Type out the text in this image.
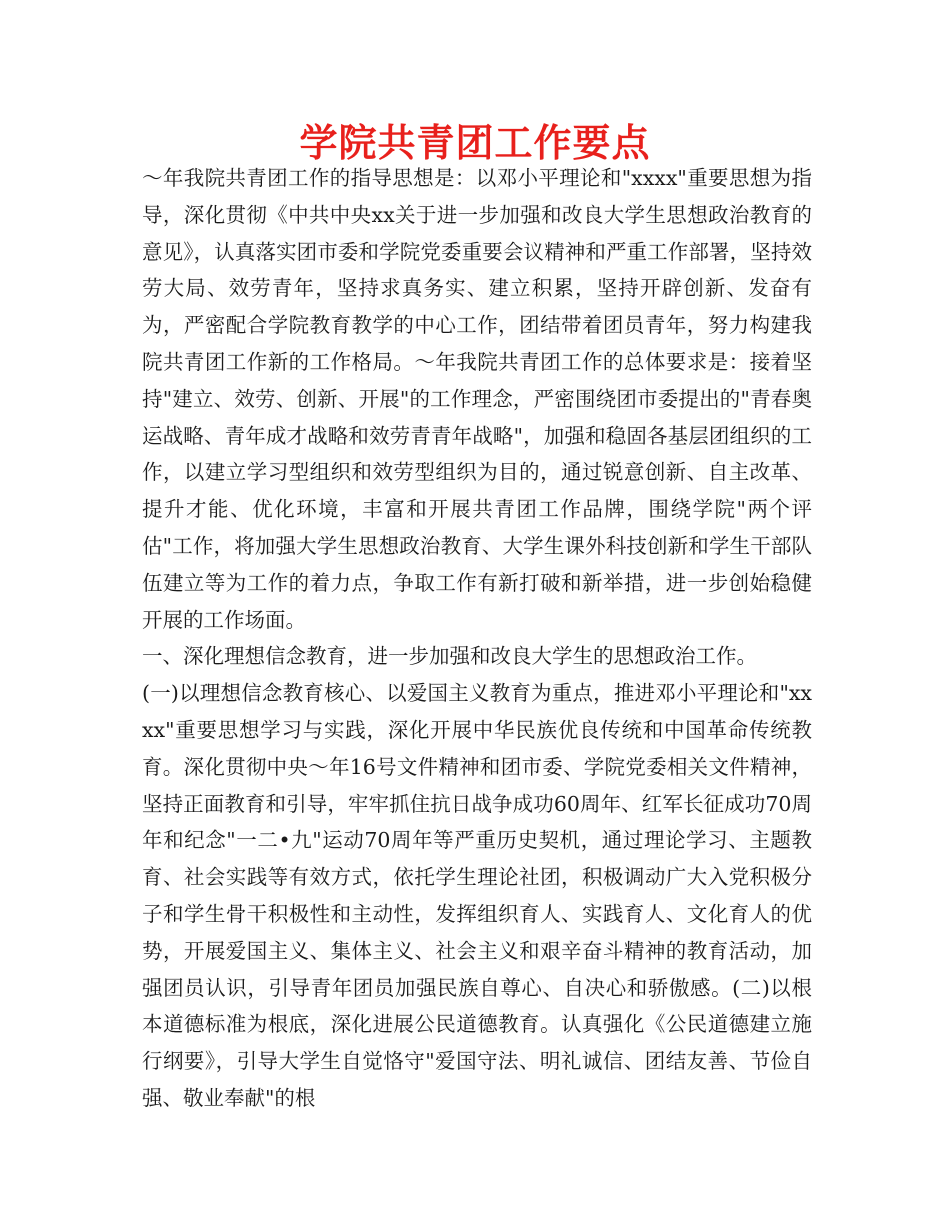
学院共青团工作要点

～年我院共青团工作的指导思想是：以邓小平理论和"xxxx"重要思想为指导，深化贯彻《中共中央xx关于进一步加强和改良大学生思想政治教育的意见》，认真落实团市委和学院党委重要会议精神和严重工作部署，坚持效劳大局、效劳青年，坚持求真务实、建立积累，坚持开辟创新、发奋有为，严密配合学院教育教学的中心工作，团结带着团员青年，努力构建我院共青团工作新的工作格局。～年我院共青团工作的总体要求是：接着坚持"建立、效劳、创新、开展"的工作理念，严密围绕团市委提出的"青春奥运战略、青年成才战略和效劳青青年战略"，加强和稳固各基层团组织的工作，以建立学习型组织和效劳型组织为目的，通过锐意创新、自主改革、提升才能、优化环境，丰富和开展共青团工作品牌，围绕学院"两个评估"工作，将加强大学生思想政治教育、大学生课外科技创新和学生干部队伍建立等为工作的着力点，争取工作有新打破和新举措，进一步创始稳健开展的工作场面。

一、深化理想信念教育，进一步加强和改良大学生的思想政治工作。

(一)以理想信念教育核心、以爱国主义教育为重点，推进邓小平理论和"xxxx"重要思想学习与实践，深化开展中华民族优良传统和中国革命传统教育。深化贯彻中央～年16号文件精神和团市委、学院党委相关文件精神，坚持正面教育和引导，牢牢抓住抗日战争成功60周年、红军长征成功70周年和纪念"一二•九"运动70周年等严重历史契机，通过理论学习、主题教育、社会实践等有效方式，依托学生理论社团，积极调动广大入党积极分子和学生骨干积极性和主动性，发挥组织育人、实践育人、文化育人的优势，开展爱国主义、集体主义、社会主义和艰辛奋斗精神的教育活动，加强团员认识，引导青年团员加强民族自尊心、自决心和骄傲感。(二)以根本道德标准为根底，深化进展公民道德教育。认真强化《公民道德建立施行纲要》，引导大学生自觉恪守"爱国守法、明礼诚信、团结友善、节俭自强、敬业奉献"的根
